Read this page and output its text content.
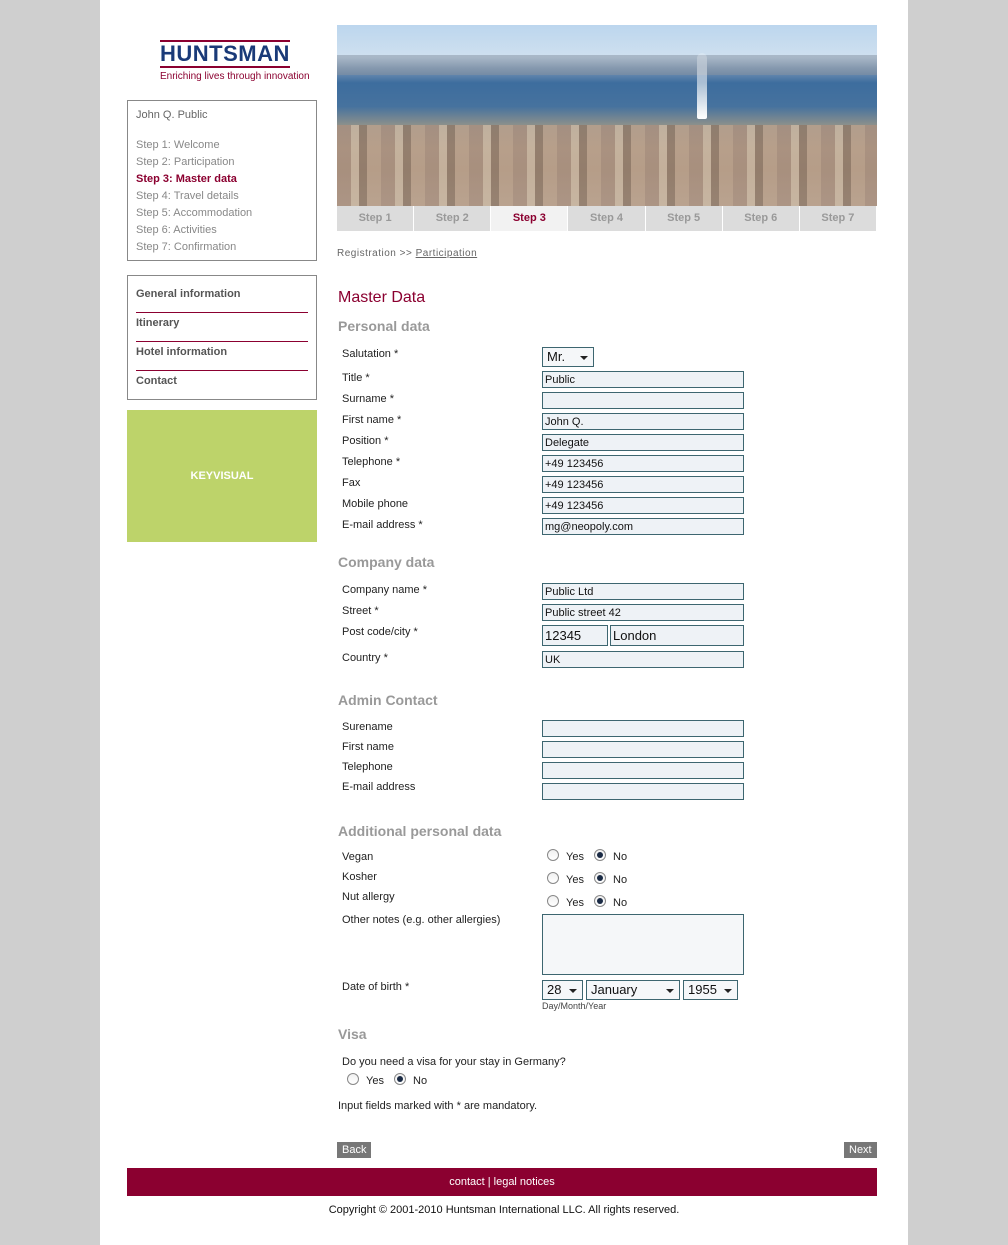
HUNTSMAN
Enriching lives through innovation
John Q. Public
Step 1: Welcome
Step 2: Participation
Step 3: Master data
Step 4: Travel details
Step 5: Accommodation
Step 6: Activities
Step 7: Confirmation
General information
Itinerary
Hotel information
Contact
KEYVISUAL
Step 1	Step 2	Step 3	Step 4	Step 5	Step 6	Step 7
Registration >> Participation
Master Data
Personal data
Salutation *	Mr.
Title *	Public
Surname *
First name *	John Q.
Position *	Delegate
Telephone *	+49 123456
Fax	+49 123456
Mobile phone	+49 123456
E-mail address *	mg@neopoly.com
Company data
Company name *	Public Ltd
Street *	Public street 42
Post code/city *	12345	London
Country *	UK
Admin Contact
Surename
First name
Telephone
E-mail address
Additional personal data
Vegan	Yes	No
Kosher	Yes	No
Nut allergy	Yes	No
Other notes (e.g. other allergies)
Date of birth *	28	January	1955
Day/Month/Year
Visa
Do you need a visa for your stay in Germany?
Yes	No
Input fields marked with * are mandatory.
Back	Next
contact | legal notices
Copyright © 2001-2010 Huntsman International LLC. All rights reserved.
